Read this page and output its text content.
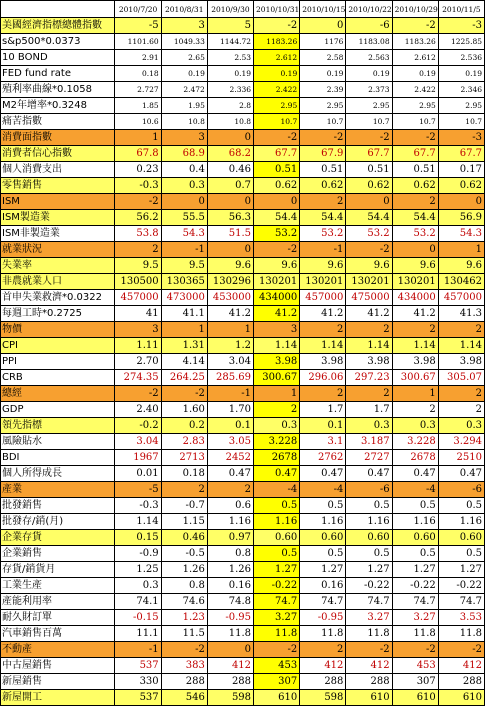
	2010/7/20	2010/8/31	2010/9/30	2010/10/31	2010/10/15	2010/10/22	2010/10/29	2010/11/5
美國經濟指標總體指數	-5	3	5	-2	0	-6	-2	-3
s&p500*0.0373	1101.60	1049.33	1144.72	1183.26	1176	1183.08	1183.26	1225.85
10 BOND	2.91	2.65	2.53	2.612	2.58	2.563	2.612	2.536
FED fund rate	0.18	0.19	0.19	0.19	0.19	0.19	0.19	0.19
殖利率曲線*0.1058	2.727	2.472	2.336	2.422	2.39	2.373	2.422	2.346
M2年增率*0.3248	1.85	1.95	2.8	2.95	2.95	2.95	2.95	2.95
痛苦指數	10.6	10.8	10.8	10.7	10.7	10.7	10.7	10.7
消費面指數	1	3	0	-2	-2	-2	-2	-3
消費者信心指數	67.8	68.9	68.2	67.7	67.9	67.7	67.7	67.7
個人消費支出	0.23	0.4	0.46	0.51	0.51	0.51	0.51	0.17
零售銷售	-0.3	0.3	0.7	0.62	0.62	0.62	0.62	0.62
ISM	-2	0	0	0	2	0	2	0
ISM製造業	56.2	55.5	56.3	54.4	54.4	54.4	54.4	56.9
ISM非製造業	53.8	54.3	51.5	53.2	53.2	53.2	53.2	54.3
就業狀況	2	-1	0	-2	-1	-2	0	1
失業率	9.5	9.5	9.6	9.6	9.6	9.6	9.6	9.6
非農就業人口	130500	130365	130296	130201	130201	130201	130201	130462
首申失業救濟*0.0322	457000	473000	453000	434000	457000	475000	434000	457000
每週工時*0.2725	41	41.1	41.2	41.2	41.2	41.2	41.2	41.3
物價	3	1	1	3	2	2	2	2
CPI	1.11	1.31	1.2	1.14	1.14	1.14	1.14	1.14
PPI	2.70	4.14	3.04	3.98	3.98	3.98	3.98	3.98
CRB	274.35	264.25	285.69	300.67	296.06	297.23	300.67	305.07
總經	-2	-2	-1	1	2	2	1	2
GDP	2.40	1.60	1.70	2	1.7	1.7	2	2
領先指標	-0.2	0.2	0.1	0.3	0.1	0.3	0.3	0.3
風險貼水	3.04	2.83	3.05	3.228	3.1	3.187	3.228	3.294
BDI	1967	2713	2452	2678	2762	2727	2678	2510
個人所得成長	0.01	0.18	0.47	0.47	0.47	0.47	0.47	0.47
產業	-5	2	2	-4	-4	-6	-4	-6
批發銷售	-0.3	-0.7	0.6	0.5	0.5	0.5	0.5	0.5
批發存/銷(月)	1.14	1.15	1.16	1.16	1.16	1.16	1.16	1.16
企業存貨	0.15	0.46	0.97	0.60	0.60	0.60	0.60	0.60
企業銷售	-0.9	-0.5	0.8	0.5	0.5	0.5	0.5	0.5
存貨/銷貨月	1.25	1.26	1.26	1.27	1.27	1.27	1.27	1.27
工業生產	0.3	0.8	0.16	-0.22	0.16	-0.22	-0.22	-0.22
產能利用率	74.1	74.6	74.8	74.7	74.7	74.7	74.7	74.7
耐久財訂單	-0.15	1.23	-0.95	3.27	-0.95	3.27	3.27	3.53
汽車銷售百萬	11.1	11.5	11.8	11.8	11.8	11.8	11.8	11.8
不動產	-1	-2	0	-2	2	-2	-2	-2
中古屋銷售	537	383	412	453	412	412	453	412
新屋銷售	330	288	288	307	288	288	307	288
新屋開工	537	546	598	610	598	610	610	610
